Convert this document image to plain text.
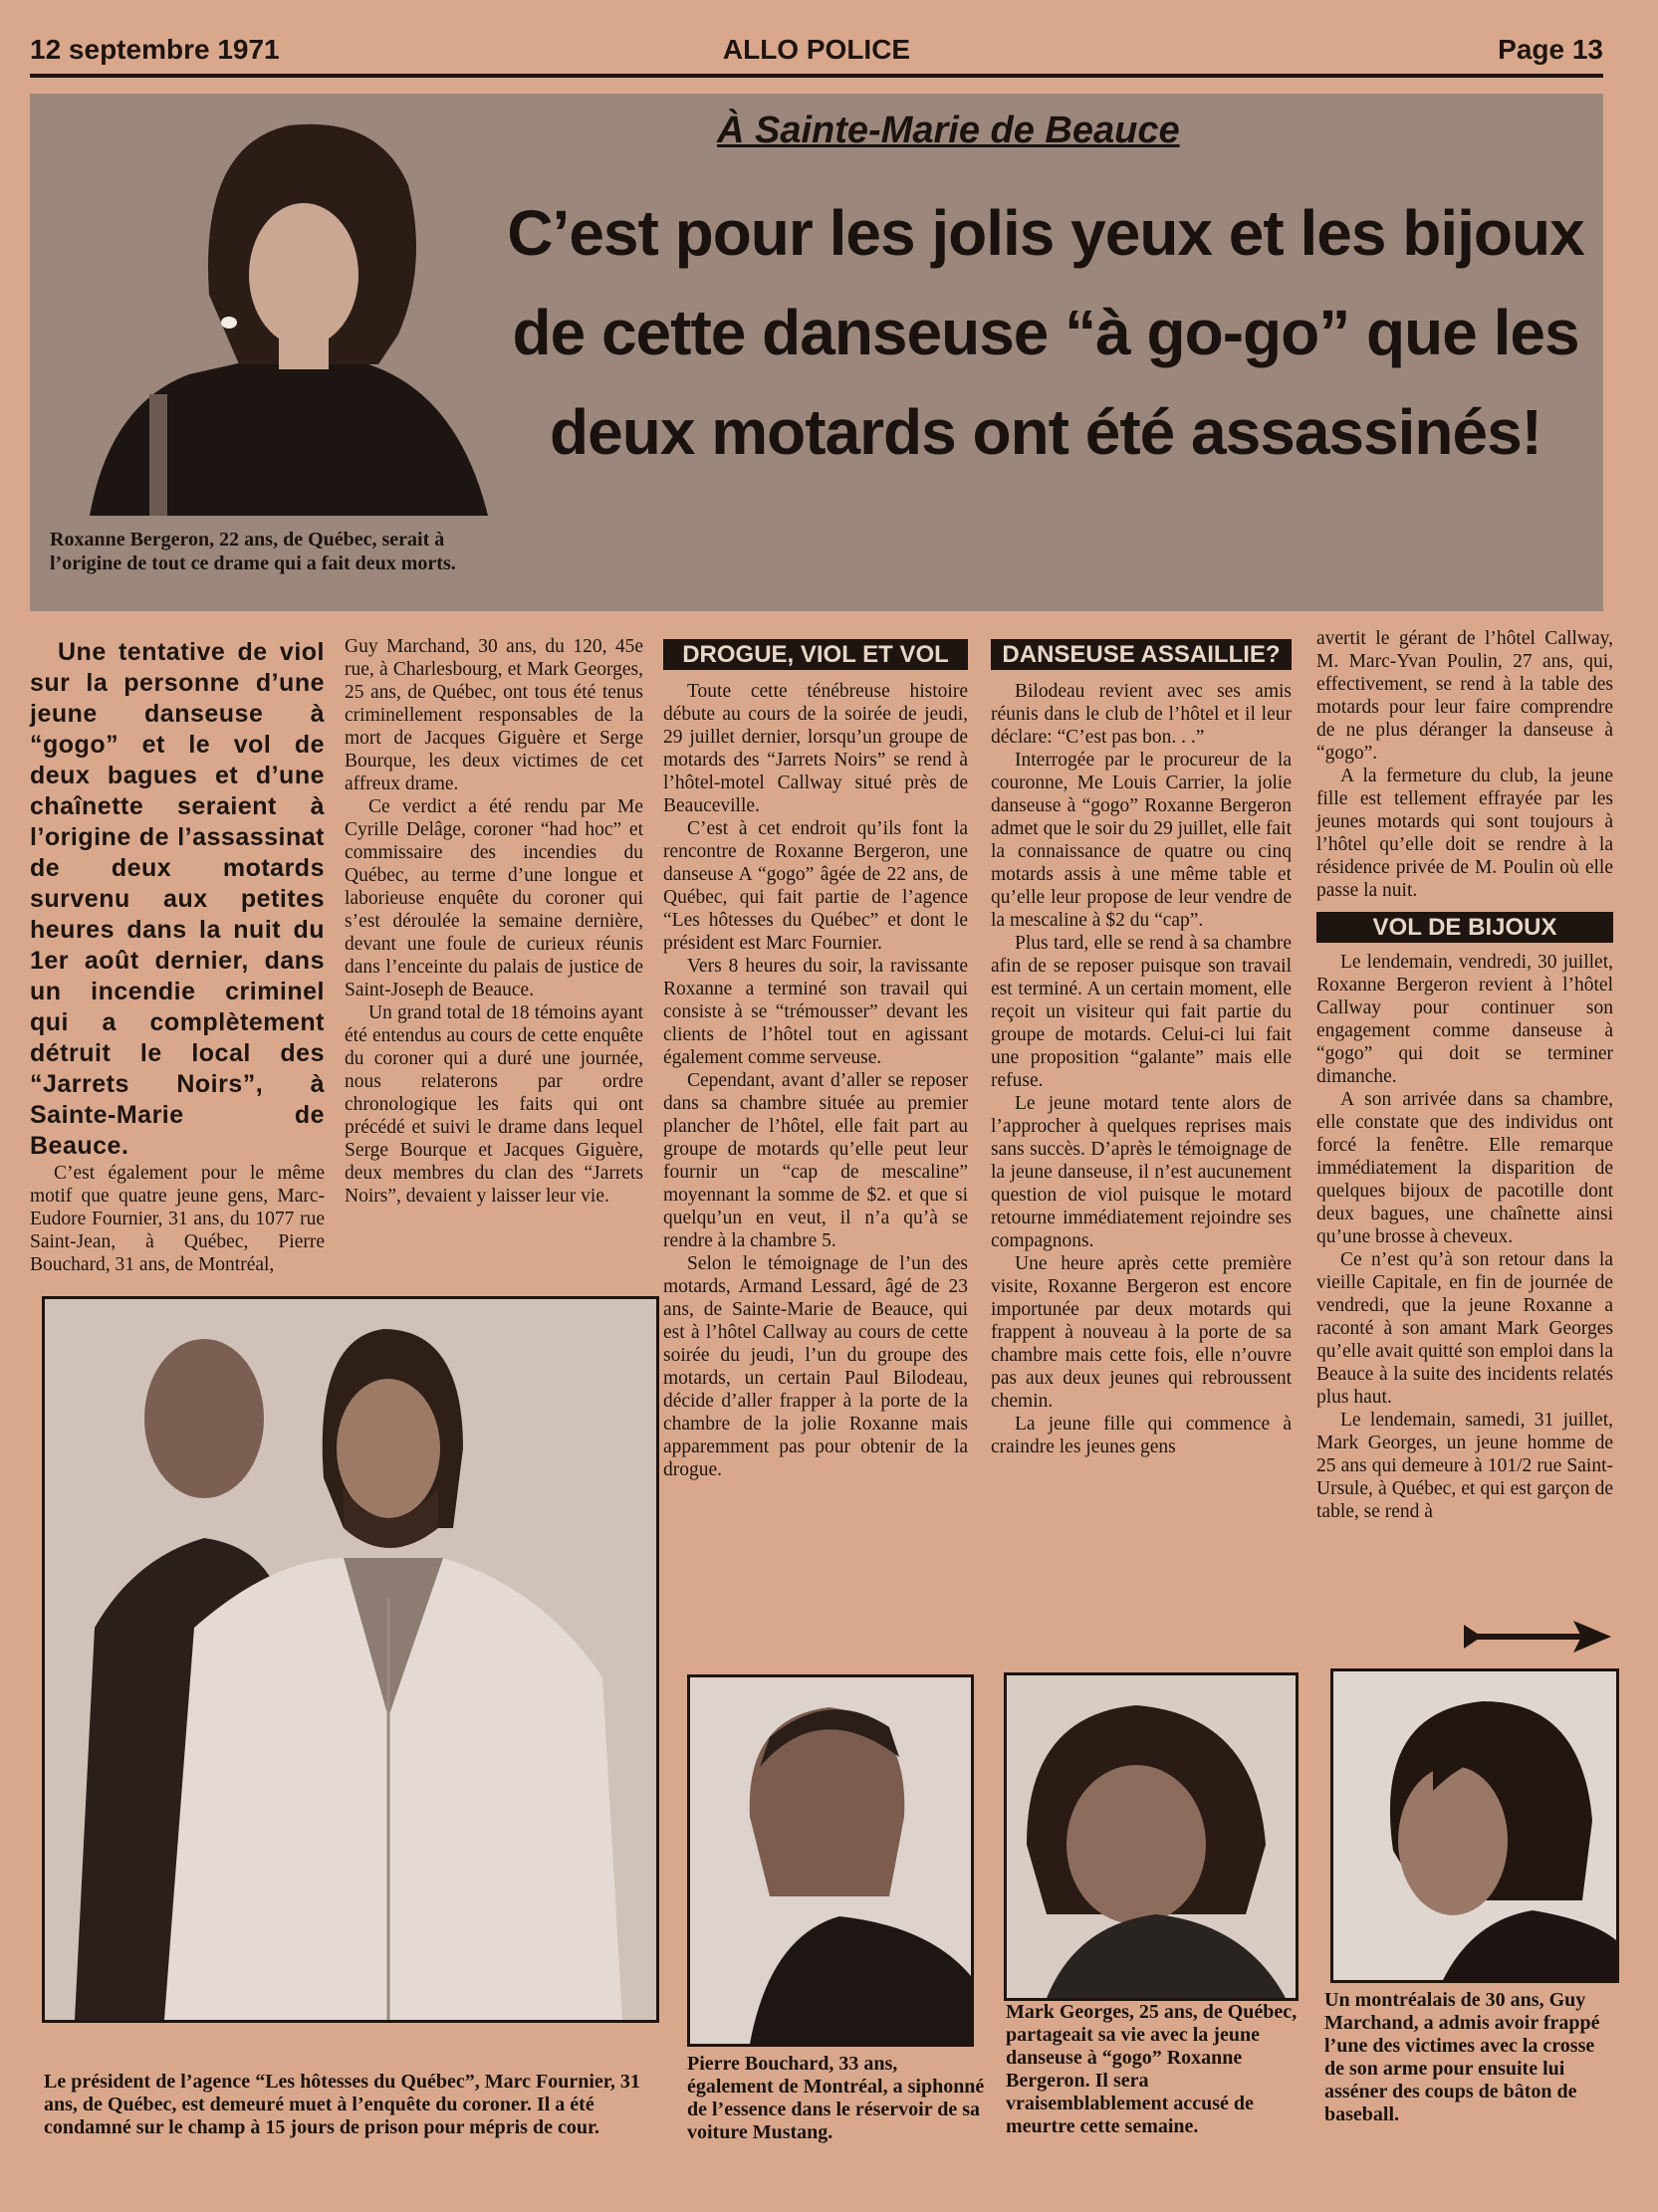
12 septembre 1971	ALLO POLICE	Page 13
Roxanne Bergeron, 22 ans, de Québec, serait à l’origine de tout ce drame qui a fait deux morts.
À Sainte-Marie de Beauce
C’est pour les jolis yeux et les bijoux de cette danseuse “à go-go” que les deux motards ont été assassinés!

Une tentative de viol sur la personne d’une jeune danseuse à “gogo” et le vol de deux bagues et d’une chaînette seraient à l’origine de l’assassinat de deux motards survenu aux petites heures dans la nuit du 1er août dernier, dans un incendie criminel qui a complètement détruit le local des “Jarrets Noirs”, à Sainte-Marie de Beauce.

C’est également pour le même motif que quatre jeune gens, Marc-Eudore Fournier, 31 ans, du 1077 rue Saint-Jean, à Québec, Pierre Bouchard, 31 ans, de Montréal,

Guy Marchand, 30 ans, du 120, 45e rue, à Charlesbourg, et Mark Georges, 25 ans, de Québec, ont tous été tenus criminellement responsables de la mort de Jacques Giguère et Serge Bourque, les deux victimes de cet affreux drame.

Ce verdict a été rendu par Me Cyrille Delâge, coroner “had hoc” et commissaire des incendies du Québec, au terme d’une longue et laborieuse enquête du coroner qui s’est déroulée la semaine dernière, devant une foule de curieux réunis dans l’enceinte du palais de justice de Saint-Joseph de Beauce.

Un grand total de 18 témoins ayant été entendus au cours de cette enquête du coroner qui a duré une journée, nous relaterons par ordre chronologique les faits qui ont précédé et suivi le drame dans lequel Serge Bourque et Jacques Giguère, deux membres du clan des “Jarrets Noirs”, devaient y laisser leur vie.

DROGUE, VIOL ET VOL

Toute cette ténébreuse histoire débute au cours de la soirée de jeudi, 29 juillet dernier, lorsqu’un groupe de motards des “Jarrets Noirs” se rend à l’hôtel-motel Callway situé près de Beauceville.

C’est à cet endroit qu’ils font la rencontre de Roxanne Bergeron, une danseuse A “gogo” âgée de 22 ans, de Québec, qui fait partie de l’agence “Les hôtesses du Québec” et dont le président est Marc Fournier.

Vers 8 heures du soir, la ravissante Roxanne a terminé son travail qui consiste à se “trémousser” devant les clients de l’hôtel tout en agissant également comme serveuse.

Cependant, avant d’aller se reposer dans sa chambre située au premier plancher de l’hôtel, elle fait part au groupe de motards qu’elle peut leur fournir un “cap de mescaline” moyennant la somme de $2. et que si quelqu’un en veut, il n’a qu’à se rendre à la chambre 5.

Selon le témoignage de l’un des motards, Armand Lessard, âgé de 23 ans, de Sainte-Marie de Beauce, qui est à l’hôtel Callway au cours de cette soirée du jeudi, l’un du groupe des motards, un certain Paul Bilodeau, décide d’aller frapper à la porte de la chambre de la jolie Roxanne mais apparemment pas pour obtenir de la drogue.

DANSEUSE ASSAILLIE?

Bilodeau revient avec ses amis réunis dans le club de l’hôtel et il leur déclare: “C’est pas bon. . .”

Interrogée par le procureur de la couronne, Me Louis Carrier, la jolie danseuse à “gogo” Roxanne Bergeron admet que le soir du 29 juillet, elle fait la connaissance de quatre ou cinq motards assis à une même table et qu’elle leur propose de leur vendre de la mescaline à $2 du “cap”.

Plus tard, elle se rend à sa chambre afin de se reposer puisque son travail est terminé. A un certain moment, elle reçoit un visiteur qui fait partie du groupe de motards. Celui-ci lui fait une proposition “galante” mais elle refuse.

Le jeune motard tente alors de l’approcher à quelques reprises mais sans succès. D’après le témoignage de la jeune danseuse, il n’est aucunement question de viol puisque le motard retourne immédiatement rejoindre ses compagnons.

Une heure après cette première visite, Roxanne Bergeron est encore importunée par deux motards qui frappent à nouveau à la porte de sa chambre mais cette fois, elle n’ouvre pas aux deux jeunes qui rebroussent chemin.

La jeune fille qui commence à craindre les jeunes gens

avertit le gérant de l’hôtel Callway, M. Marc-Yvan Poulin, 27 ans, qui, effectivement, se rend à la table des motards pour leur faire comprendre de ne plus déranger la danseuse à “gogo”.

A la fermeture du club, la jeune fille est tellement effrayée par les jeunes motards qui sont toujours à l’hôtel qu’elle doit se rendre à la résidence privée de M. Poulin où elle passe la nuit.

VOL DE BIJOUX

Le lendemain, vendredi, 30 juillet, Roxanne Bergeron revient à l’hôtel Callway pour continuer son engagement comme danseuse à “gogo” qui doit se terminer dimanche.

A son arrivée dans sa chambre, elle constate que des individus ont forcé la fenêtre. Elle remarque immédiatement la disparition de quelques bijoux de pacotille dont deux bagues, une chaînette ainsi qu’une brosse à cheveux.

Ce n’est qu’à son retour dans la vieille Capitale, en fin de journée de vendredi, que la jeune Roxanne a raconté à son amant Mark Georges qu’elle avait quitté son emploi dans la Beauce à la suite des incidents relatés plus haut.

Le lendemain, samedi, 31 juillet, Mark Georges, un jeune homme de 25 ans qui demeure à 101/2 rue Saint-Ursule, à Québec, et qui est garçon de table, se rend à

Le président de l’agence “Les hôtesses du Québec”, Marc Fournier, 31 ans, de Québec, est demeuré muet à l’enquête du coroner. Il a été condamné sur le champ à 15 jours de prison pour mépris de cour.
Pierre Bouchard, 33 ans, également de Montréal, a siphonné de l’essence dans le réservoir de sa voiture Mustang.
Mark Georges, 25 ans, de Québec, partageait sa vie avec la jeune danseuse à “gogo” Roxanne Bergeron. Il sera vraisemblablement accusé de meurtre cette semaine.
Un montréalais de 30 ans, Guy Marchand, a admis avoir frappé l’une des victimes avec la crosse de son arme pour ensuite lui asséner des coups de bâton de baseball.
